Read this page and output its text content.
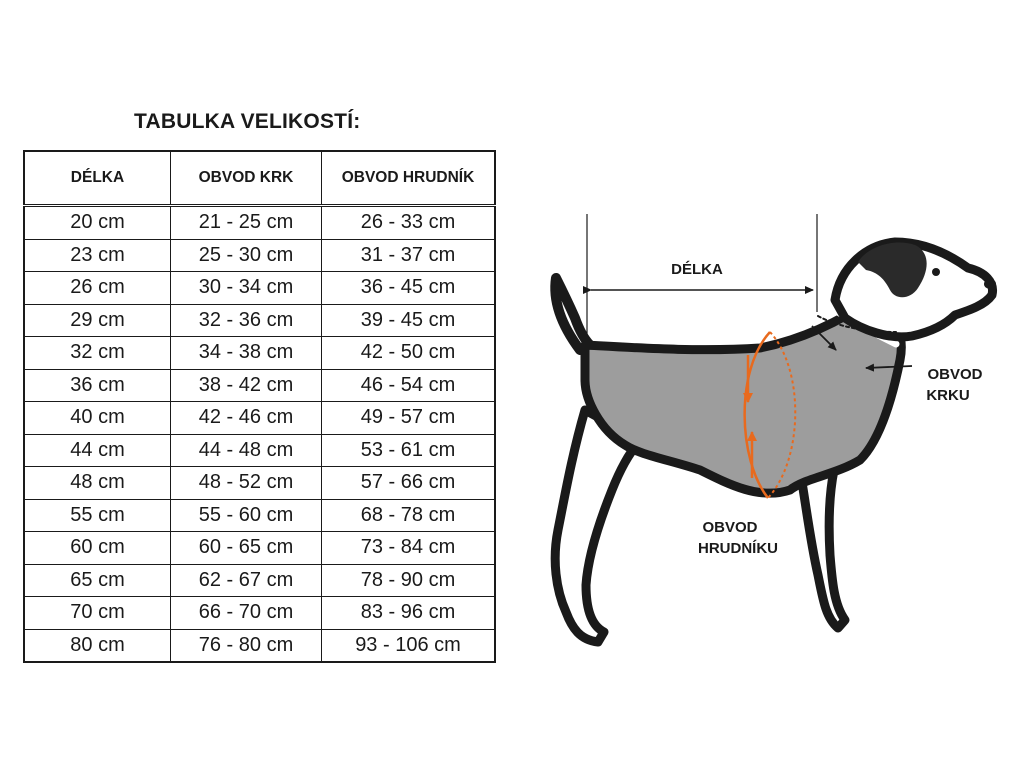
TABULKA VELIKOSTÍ:
DÉLKA	OBVOD KRK	OBVOD HRUDNÍK
20 cm	21 - 25 cm	26 - 33 cm
23 cm	25 - 30 cm	31 - 37 cm
26 cm	30 - 34 cm	36 - 45 cm
29 cm	32 - 36 cm	39 - 45 cm
32 cm	34 - 38 cm	42 - 50 cm
36 cm	38 - 42 cm	46 - 54 cm
40 cm	42 - 46 cm	49 - 57 cm
44 cm	44 - 48 cm	53 - 61 cm
48 cm	48 - 52 cm	57 - 66 cm
55 cm	55 - 60 cm	68 - 78 cm
60 cm	60 - 65 cm	73 - 84 cm
65 cm	62 - 67 cm	78 - 90 cm
70 cm	66 - 70 cm	83 - 96 cm
80 cm	76 - 80 cm	93 - 106 cm
DÉLKA
OBVOD
KRKU
OBVOD
HRUDNÍKU
